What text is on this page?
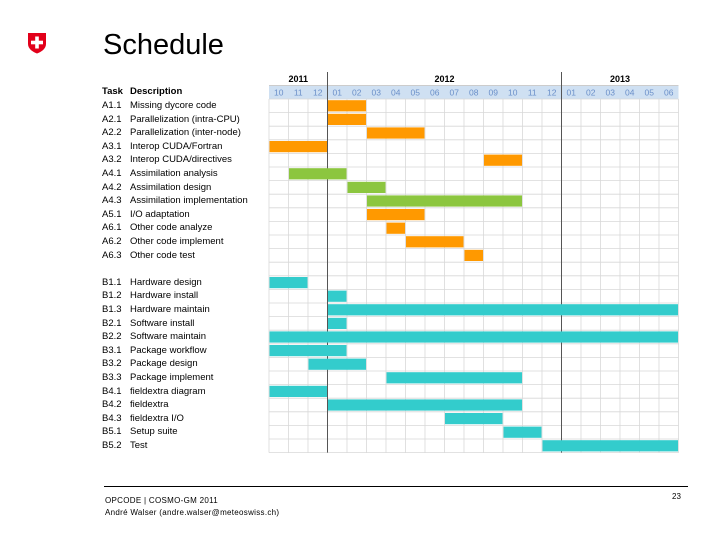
Schedule
Task Description
A1.1 Missing dycore code
A2.1 Parallelization (intra-CPU)
A2.2 Parallelization (inter-node)
A3.1 Interop CUDA/Fortran
A3.2 Interop CUDA/directives
A4.1 Assimilation analysis
A4.2 Assimilation design
A4.3 Assimilation implementation
A5.1 I/O adaptation
A6.1 Other code analyze
A6.2 Other code implement
A6.3 Other code test
B1.1 Hardware design
B1.2 Hardware install
B1.3 Hardware maintain
B2.1 Software install
B2.2 Software maintain
B3.1 Package workflow
B3.2 Package design
B3.3 Package implement
B4.1 fieldextra diagram
B4.2 fieldextra
B4.3 fieldextra I/O
B5.1 Setup suite
B5.2 Test
2011	2012	2013
10 11 12 01 02 03 04 05 06 07 08 09 10 11 12 01 02 03 04 05 06
OPCODE | COSMO-GM 2011
André Walser (andre.walser@meteoswiss.ch)
23
